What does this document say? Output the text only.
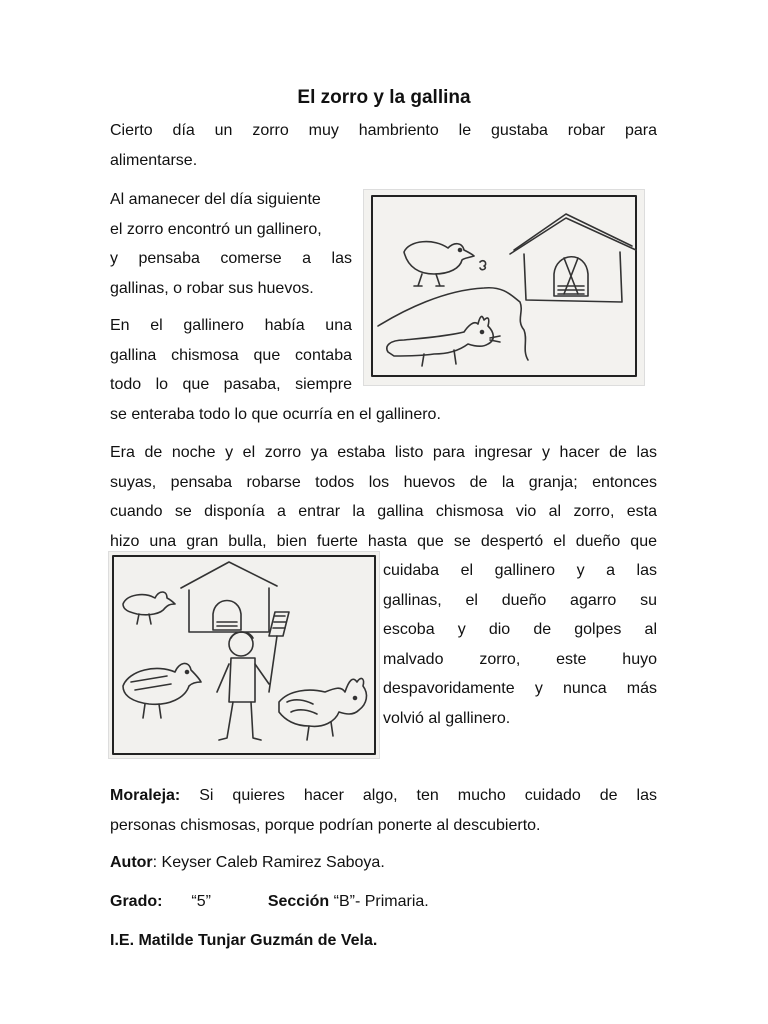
El zorro y la gallina
Cierto día un zorro muy hambriento le gustaba robar para
alimentarse.
Al amanecer del día siguiente
el zorro encontró un gallinero,
y pensaba comerse a las
gallinas, o robar sus huevos.
En el gallinero había una
gallina chismosa que contaba
todo lo que pasaba, siempre
se enteraba todo lo que ocurría en el gallinero.
Era de noche y el zorro ya estaba listo para ingresar y hacer de las
suyas, pensaba robarse todos los huevos de la granja; entonces
cuando se disponía a entrar la gallina chismosa vio al zorro, esta
hizo una gran bulla, bien fuerte hasta que se despertó el dueño que
cuidaba el gallinero y a las
gallinas, el dueño agarro su
escoba y dio de golpes al
malvado zorro, este huyo
despavoridamente y nunca más
volvió al gallinero.
Moraleja: Si quieres hacer algo, ten mucho cuidado de las
personas chismosas, porque podrían ponerte al descubierto.
Autor: Keyser Caleb Ramirez Saboya.
Grado: “5”	Sección “B”- Primaria.
I.E. Matilde Tunjar Guzmán de Vela.
